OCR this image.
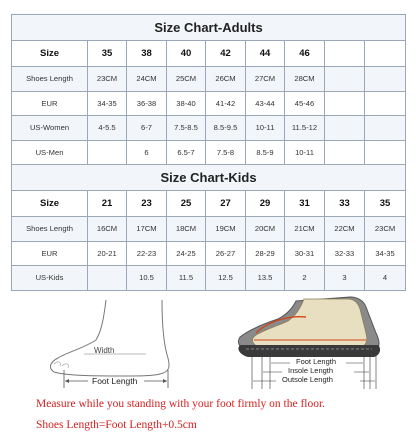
Size Chart-Adults								
Size	35	38	40	42	44	46		
Shoes Length	23CM	24CM	25CM	26CM	27CM	28CM		
EUR	34-35	36-38	38-40	41-42	43-44	45-46		
US-Women	4-5.5	6-7	7.5-8.5	8.5-9.5	10-11	11.5-12		
US-Men		6	6.5-7	7.5-8	8.5-9	10-11		
Size Chart-Kids								
Size	21	23	25	27	29	31	33	35
Shoes Length	16CM	17CM	18CM	19CM	20CM	21CM	22CM	23CM
EUR	20-21	22-23	24-25	26-27	28-29	30-31	32-33	34-35
US-Kids		10.5	11.5	12.5	13.5	2	3	4
Width
Foot Length
Foot Length
Insole Length
Outsole Length
Measure while you standing with your foot firmly on the floor.
Shoes Length=Foot Length+0.5cm
